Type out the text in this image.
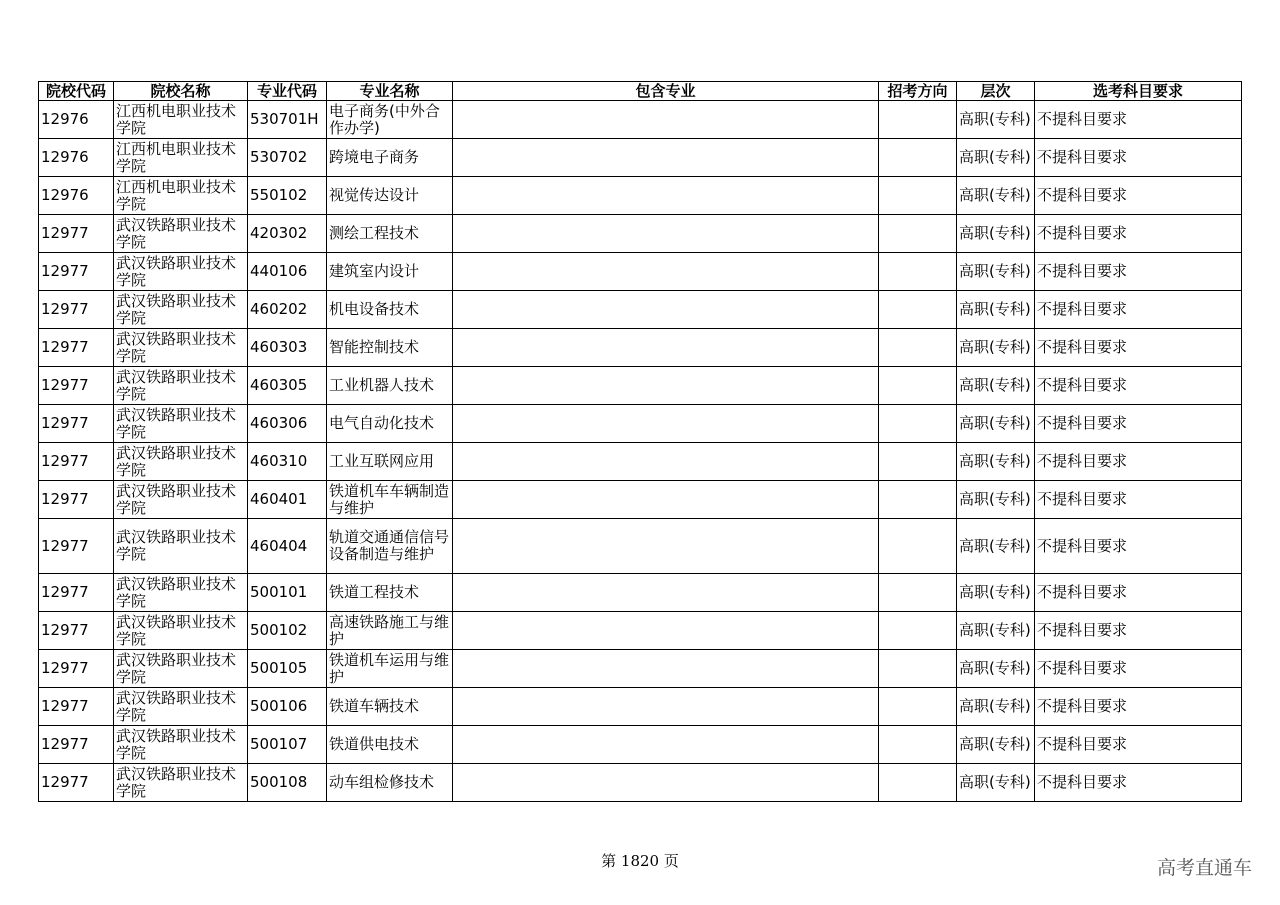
院校代码	院校名称	专业代码	专业名称	包含专业	招考方向	层次	选考科目要求
12976	江西机电职业技术学院	530701H	电子商务(中外合作办学)			高职(专科)	不提科目要求
12976	江西机电职业技术学院	530702	跨境电子商务			高职(专科)	不提科目要求
12976	江西机电职业技术学院	550102	视觉传达设计			高职(专科)	不提科目要求
12977	武汉铁路职业技术学院	420302	测绘工程技术			高职(专科)	不提科目要求
12977	武汉铁路职业技术学院	440106	建筑室内设计			高职(专科)	不提科目要求
12977	武汉铁路职业技术学院	460202	机电设备技术			高职(专科)	不提科目要求
12977	武汉铁路职业技术学院	460303	智能控制技术			高职(专科)	不提科目要求
12977	武汉铁路职业技术学院	460305	工业机器人技术			高职(专科)	不提科目要求
12977	武汉铁路职业技术学院	460306	电气自动化技术			高职(专科)	不提科目要求
12977	武汉铁路职业技术学院	460310	工业互联网应用			高职(专科)	不提科目要求
12977	武汉铁路职业技术学院	460401	铁道机车车辆制造与维护			高职(专科)	不提科目要求
12977	武汉铁路职业技术学院	460404	轨道交通通信信号设备制造与维护			高职(专科)	不提科目要求
12977	武汉铁路职业技术学院	500101	铁道工程技术			高职(专科)	不提科目要求
12977	武汉铁路职业技术学院	500102	高速铁路施工与维护			高职(专科)	不提科目要求
12977	武汉铁路职业技术学院	500105	铁道机车运用与维护			高职(专科)	不提科目要求
12977	武汉铁路职业技术学院	500106	铁道车辆技术			高职(专科)	不提科目要求
12977	武汉铁路职业技术学院	500107	铁道供电技术			高职(专科)	不提科目要求
12977	武汉铁路职业技术学院	500108	动车组检修技术			高职(专科)	不提科目要求
第 1820 页	高考直通车
